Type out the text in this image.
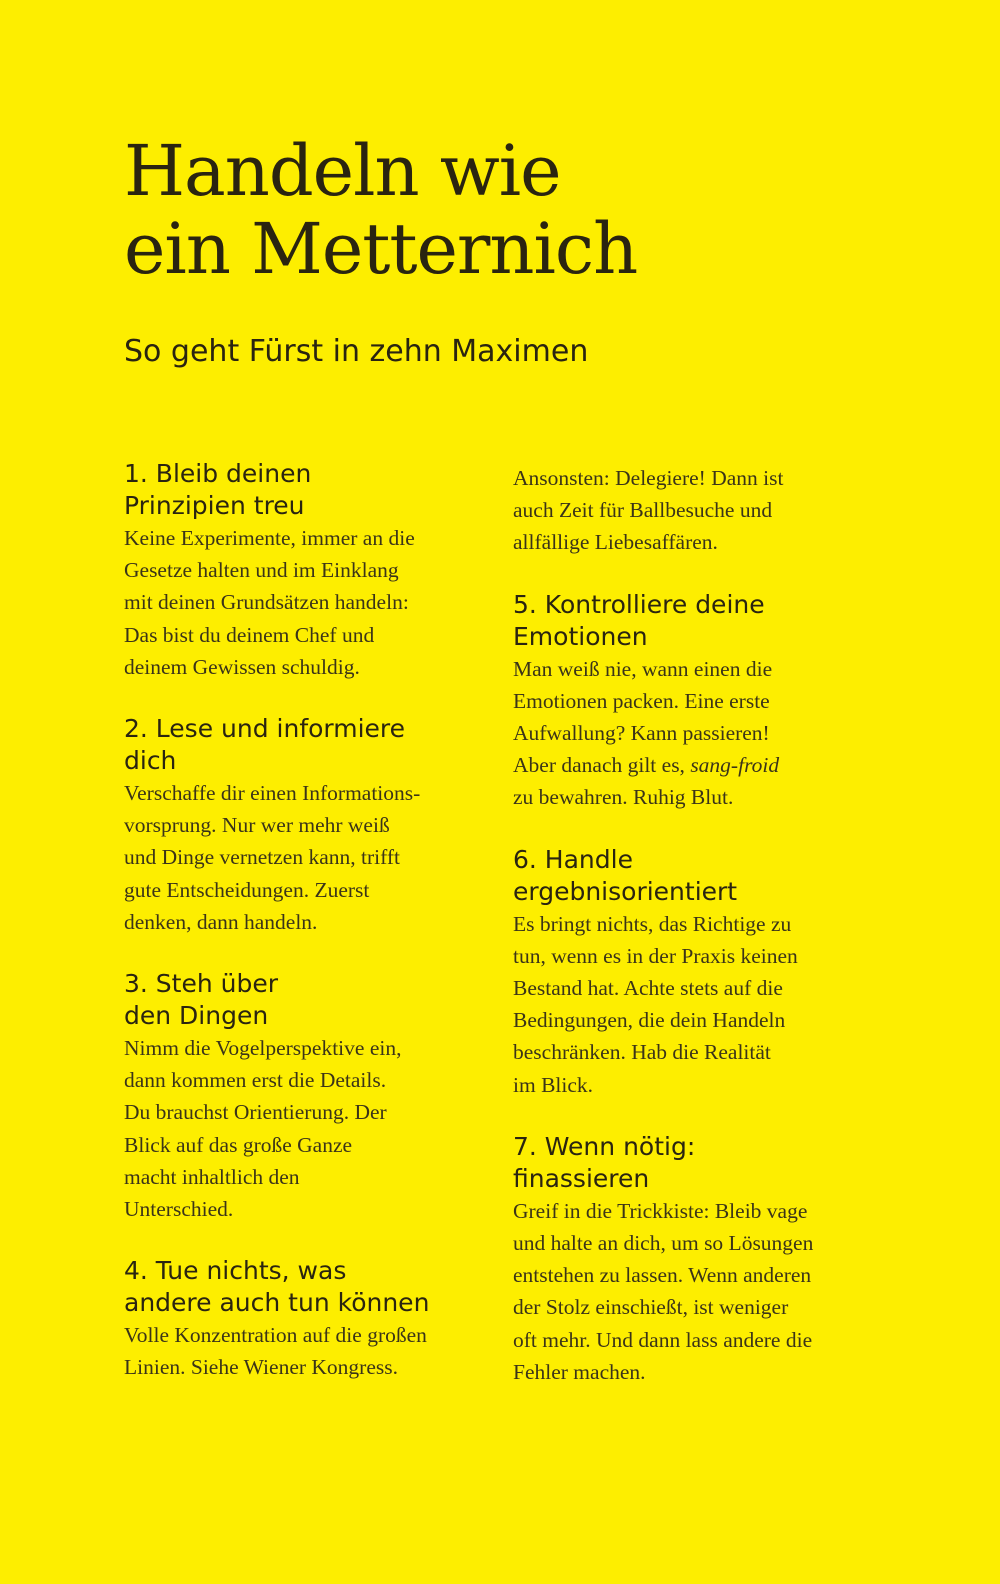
Handeln wie
ein Metternich
So geht Fürst in zehn Maximen
1. Bleib deinen
Prinzipien treu

Keine Experimente, immer an die
Gesetze halten und im Einklang
mit deinen Grundsätzen handeln:
Das bist du deinem Chef und
deinem Gewissen schuldig.

2. Lese und informiere
dich

Verschaffe dir einen Informations-
vorsprung. Nur wer mehr weiß
und Dinge vernetzen kann, trifft
gute Entscheidungen. Zuerst
denken, dann handeln.

3. Steh über
den Dingen

Nimm die Vogelperspektive ein,
dann kommen erst die Details.
Du brauchst Orientierung. Der
Blick auf das große Ganze
macht inhaltlich den
Unterschied.

4. Tue nichts, was
andere auch tun können

Volle Konzentration auf die großen
Linien. Siehe Wiener Kongress.

Ansonsten: Delegiere! Dann ist
auch Zeit für Ballbesuche und
allfällige Liebesaffären.

5. Kontrolliere deine
Emotionen

Man weiß nie, wann einen die
Emotionen packen. Eine erste
Aufwallung? Kann passieren!
Aber danach gilt es, sang-froid
zu bewahren. Ruhig Blut.

6. Handle
ergebnisorientiert

Es bringt nichts, das Richtige zu
tun, wenn es in der Praxis keinen
Bestand hat. Achte stets auf die
Bedingungen, die dein Handeln
beschränken. Hab die Realität
im Blick.

7. Wenn nötig:
finassieren

Greif in die Trickkiste: Bleib vage
und halte an dich, um so Lösungen
entstehen zu lassen. Wenn anderen
der Stolz einschießt, ist weniger
oft mehr. Und dann lass andere die
Fehler machen.
